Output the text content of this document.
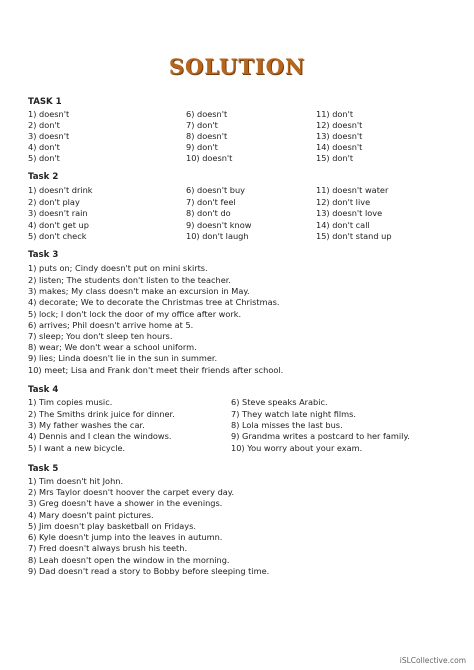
SOLUTION
TASK 1
1) doesn't
2) don't
3) doesn't
4) don't
5) don't
6) doesn't
7) don't
8) doesn't
9) don't
10) doesn't
11) don't
12) doesn't
13) doesn't
14) doesn't
15) don't
Task 2
1) doesn't drink
2) don't play
3) doesn't rain
4) don't get up
5) don't check
6) doesn't buy
7) don't feel
8) don't do
9) doesn't know
10) don't laugh
11) doesn't water
12) don't live
13) doesn't love
14) don't call
15) don't stand up
Task 3
1) puts on; Cindy doesn't put on mini skirts.
2) listen; The students don't listen to the teacher.
3) makes; My class doesn't make an excursion in May.
4) decorate; We to decorate the Christmas tree at Christmas.
5) lock; I don't lock the door of my office after work.
6) arrives; Phil doesn't arrive home at 5.
7) sleep; You don't sleep ten hours.
8) wear; We don't wear a school uniform.
9) lies; Linda doesn't lie in the sun in summer.
10) meet; Lisa and Frank don't meet their friends after school.
Task 4
1) Tim copies music.
2) The Smiths drink juice for dinner.
3) My father washes the car.
4) Dennis and I clean the windows.
5) I want a new bicycle.
6) Steve speaks Arabic.
7) They watch late night films.
8) Lola misses the last bus.
9) Grandma writes a postcard to her family.
10) You worry about your exam.
Task 5
1) Tim doesn't hit John.
2) Mrs Taylor doesn't hoover the carpet every day.
3) Greg doesn't have a shower in the evenings.
4) Mary doesn't paint pictures.
5) Jim doesn't play basketball on Fridays.
6) Kyle doesn't jump into the leaves in autumn.
7) Fred doesn't always brush his teeth.
8) Leah doesn't open the window in the morning.
9) Dad doesn't read a story to Bobby before sleeping time.
iSLCollective.com
